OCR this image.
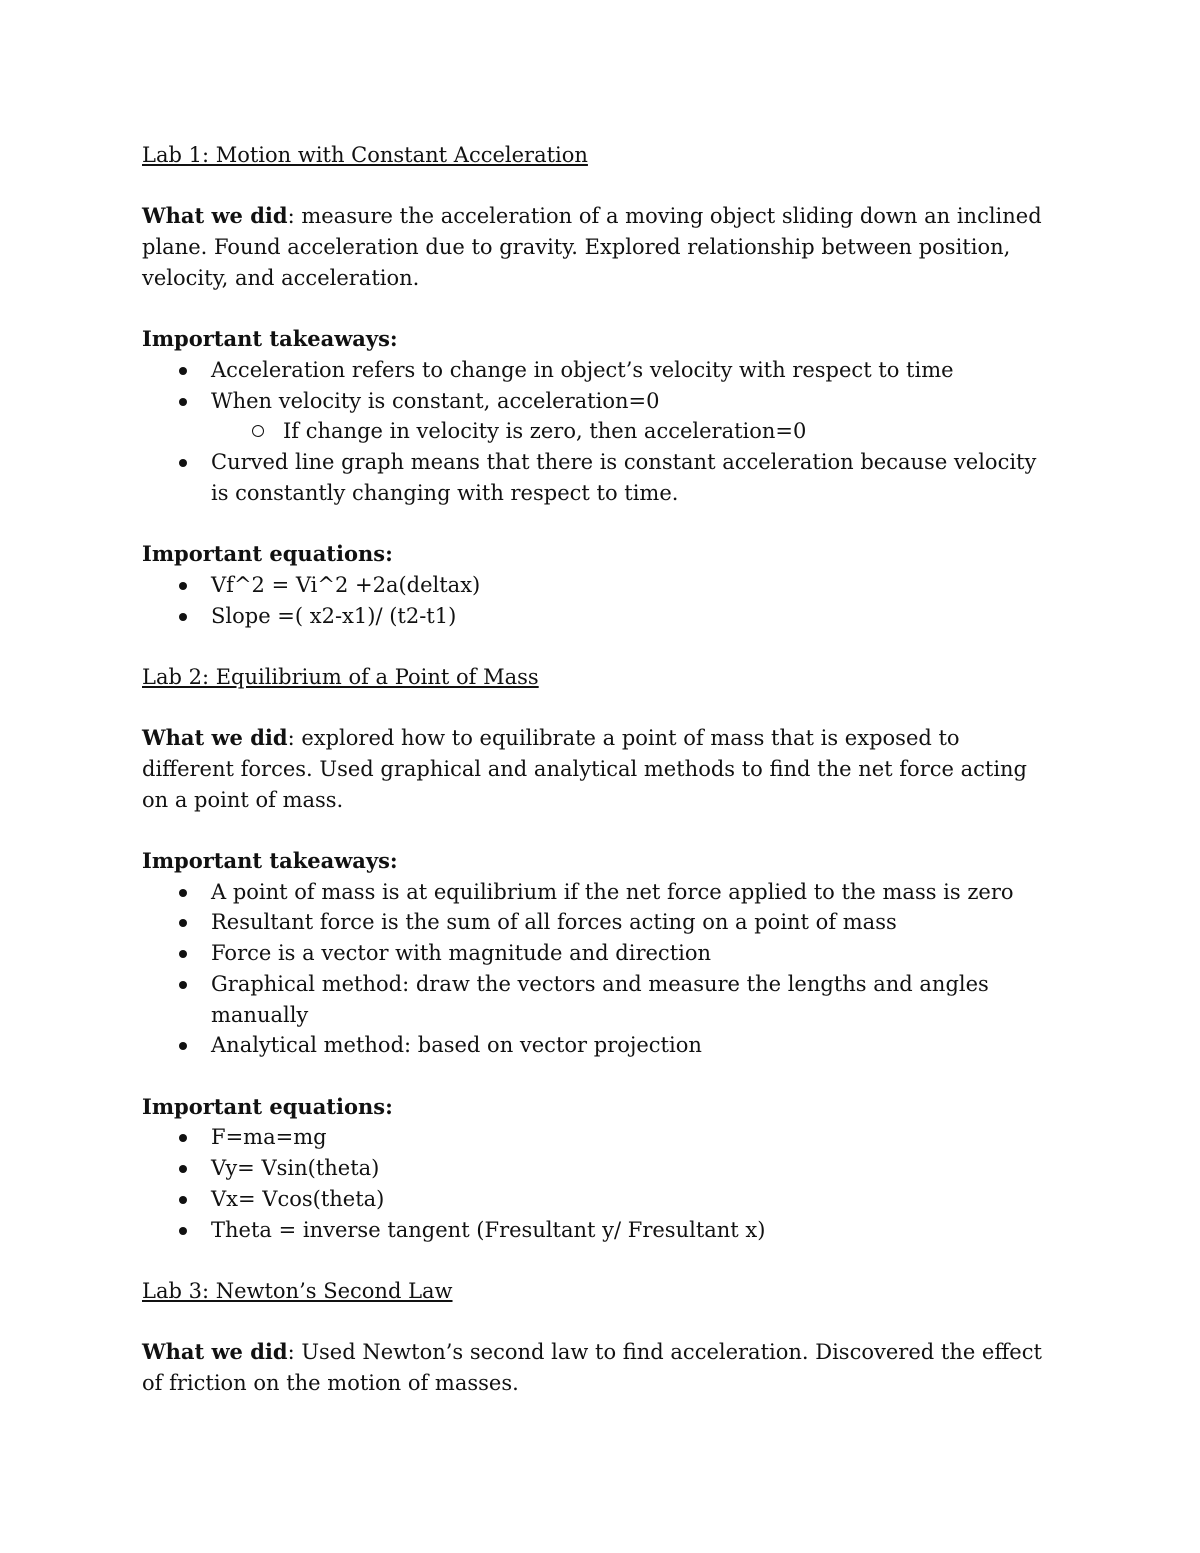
Lab 1: Motion with Constant Acceleration

What we did: measure the acceleration of a moving object sliding down an inclined plane. Found acceleration due to gravity. Explored relationship between position, velocity, and acceleration.

Important takeaways:

Acceleration refers to change in object’s velocity with respect to time
When velocity is constant, acceleration=0
If change in velocity is zero, then acceleration=0
Curved line graph means that there is constant acceleration because velocity is constantly changing with respect to time.

Important equations:

Vf^2 = Vi^2 +2a(deltax)
Slope =( x2-x1)/ (t2-t1)

Lab 2: Equilibrium of a Point of Mass

What we did: explored how to equilibrate a point of mass that is exposed to different forces. Used graphical and analytical methods to find the net force acting on a point of mass.

Important takeaways:

A point of mass is at equilibrium if the net force applied to the mass is zero
Resultant force is the sum of all forces acting on a point of mass
Force is a vector with magnitude and direction
Graphical method: draw the vectors and measure the lengths and angles manually
Analytical method: based on vector projection

Important equations:

F=ma=mg
Vy= Vsin(theta)
Vx= Vcos(theta)
Theta = inverse tangent (Fresultant y/ Fresultant x)

Lab 3: Newton’s Second Law

What we did: Used Newton’s second law to find acceleration. Discovered the effect of friction on the motion of masses.
